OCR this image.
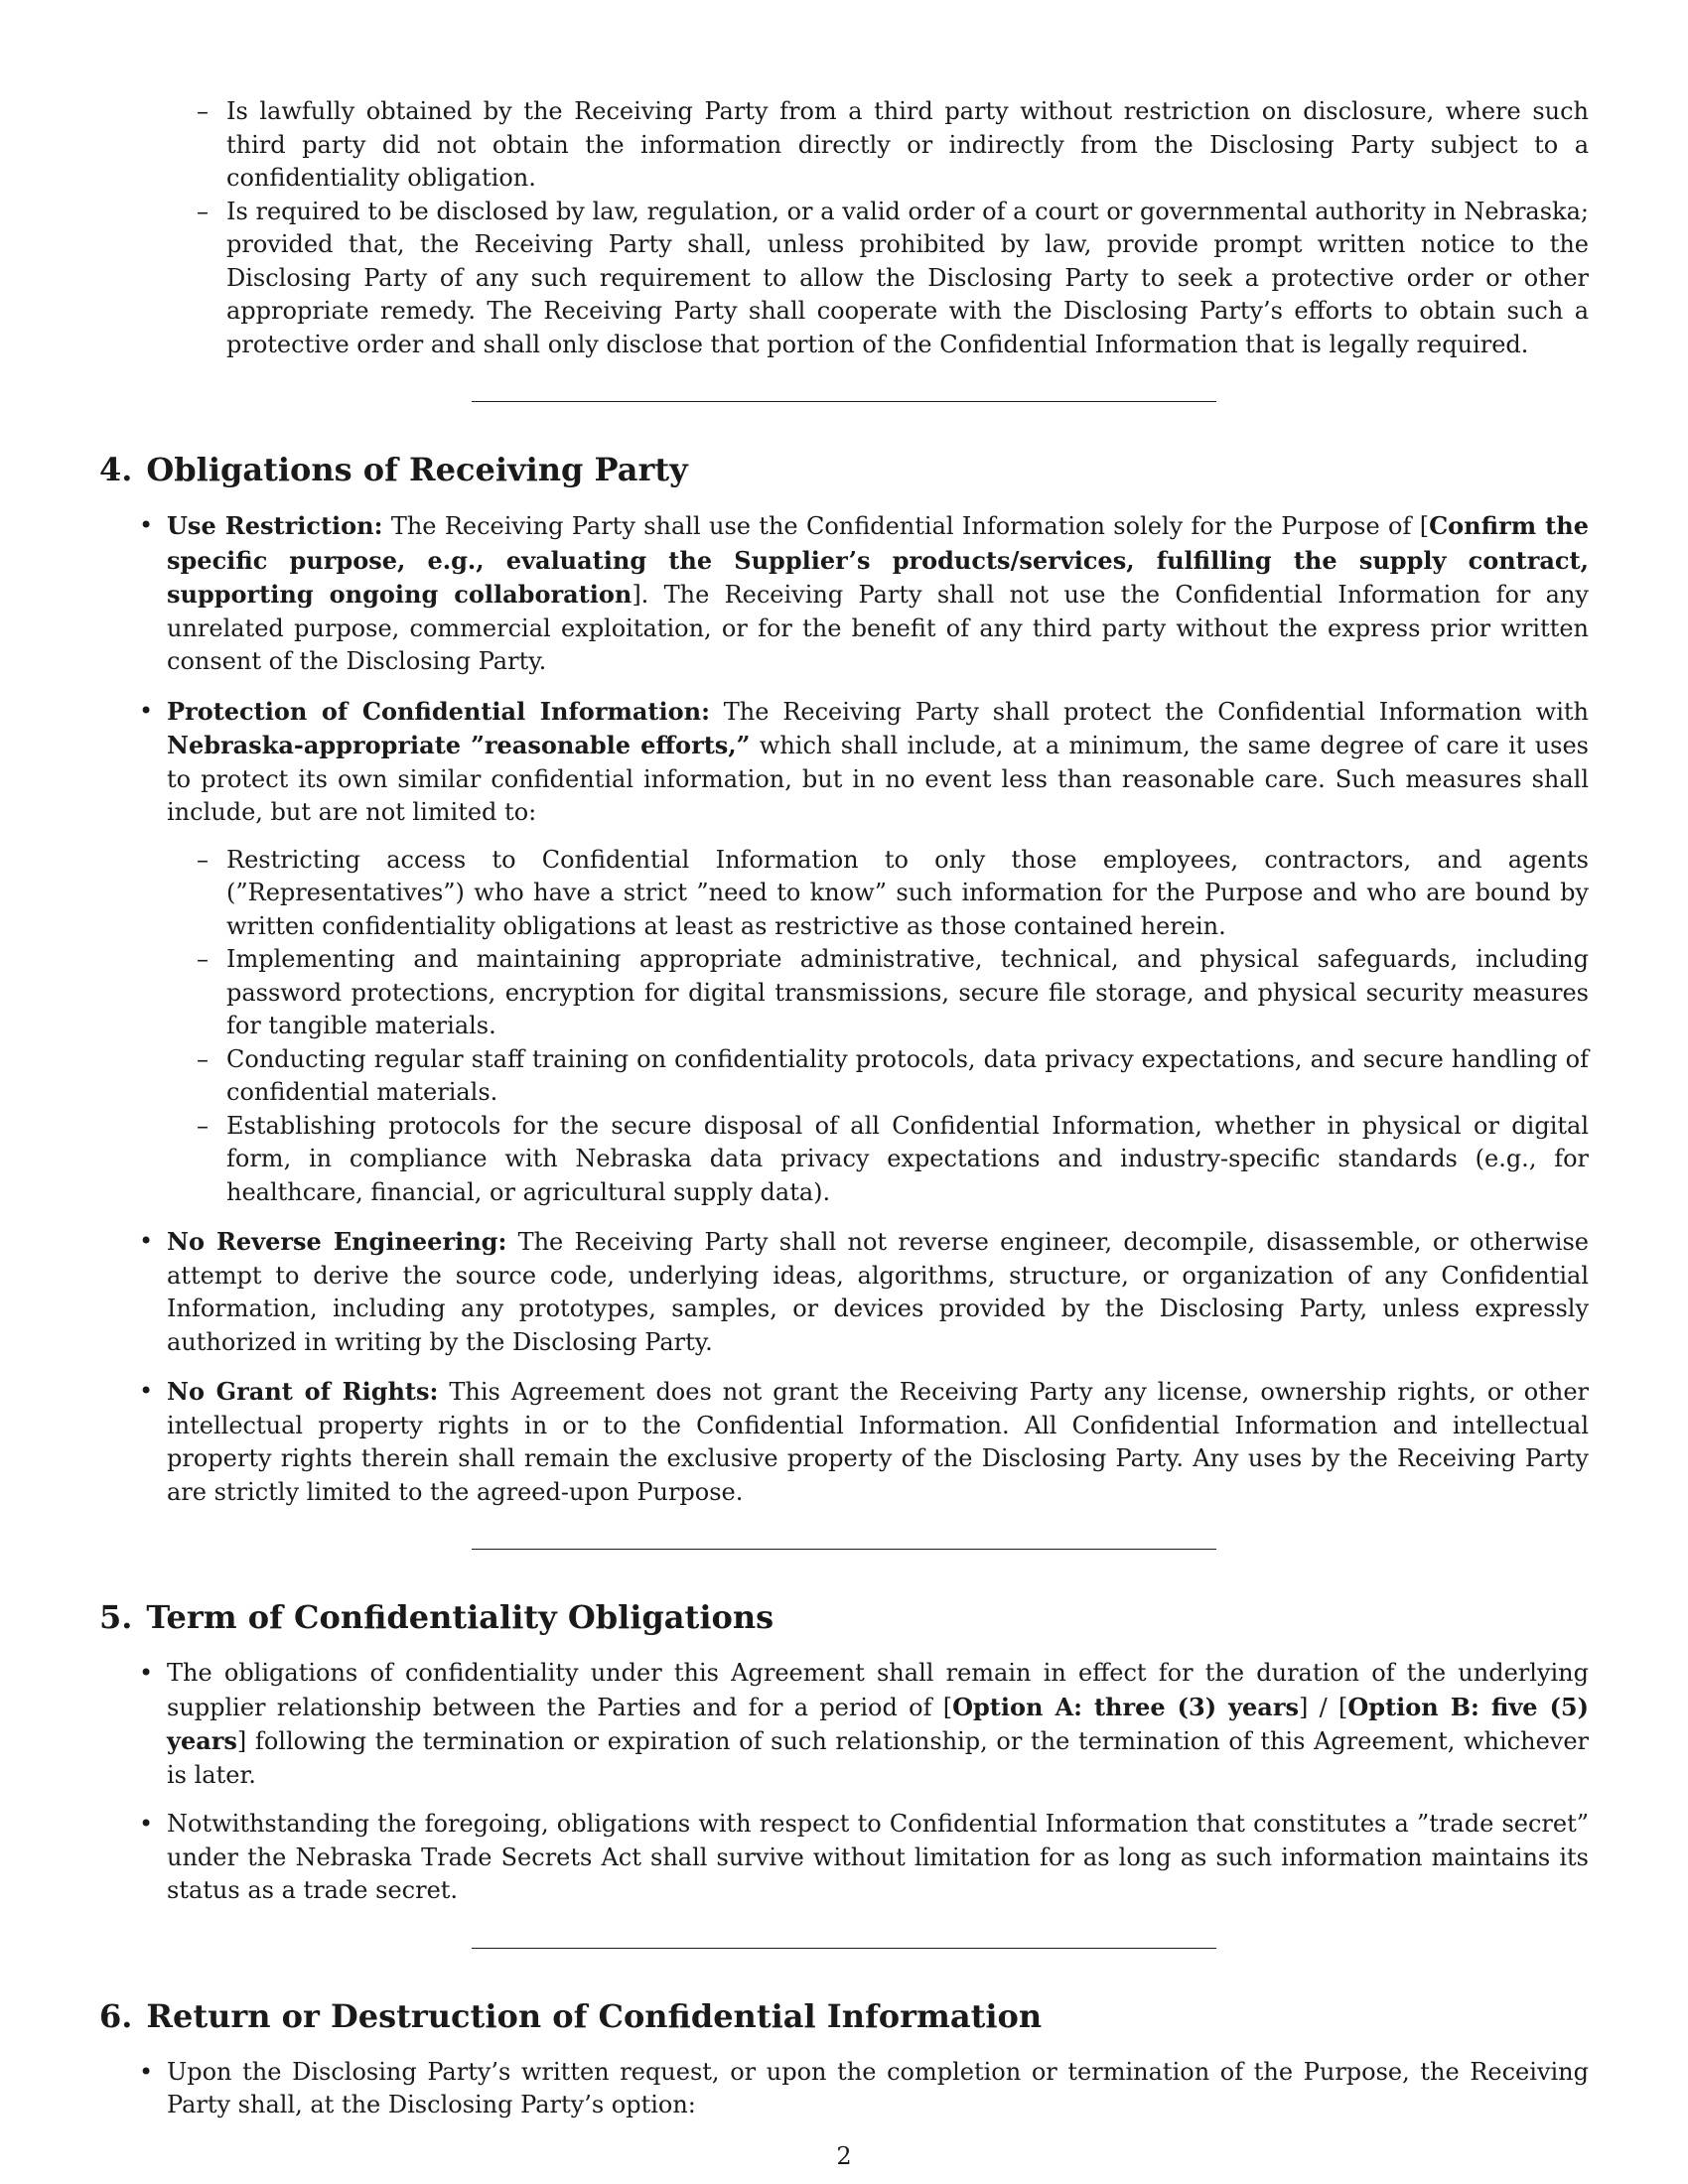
– Is lawfully obtained by the Receiving Party from a third party without restriction on disclosure, where such third party did not obtain the information directly or indirectly from the Disclosing Party subject to a confidentiality obligation.
– Is required to be disclosed by law, regulation, or a valid order of a court or governmental authority in Nebraska; provided that, the Receiving Party shall, unless prohibited by law, provide prompt written notice to the Disclosing Party of any such requirement to allow the Disclosing Party to seek a protective order or other appropriate remedy. The Receiving Party shall cooperate with the Disclosing Party’s efforts to obtain such a protective order and shall only disclose that portion of the Confidential Information that is legally required.
4. Obligations of Receiving Party
• Use Restriction: The Receiving Party shall use the Confidential Information solely for the Purpose of [Confirm the specific purpose, e.g., evaluating the Supplier’s products/services, fulfilling the supply contract, supporting ongoing collaboration]. The Receiving Party shall not use the Confidential Information for any unrelated purpose, commercial exploitation, or for the benefit of any third party without the express prior written consent of the Disclosing Party.
• Protection of Confidential Information: The Receiving Party shall protect the Confidential Information with Nebraska-appropriate ”reasonable efforts,” which shall include, at a minimum, the same degree of care it uses to protect its own similar confidential information, but in no event less than reasonable care. Such measures shall include, but are not limited to:
– Restricting access to Confidential Information to only those employees, contractors, and agents (”Representatives”) who have a strict ”need to know” such information for the Purpose and who are bound by written confidentiality obligations at least as restrictive as those contained herein.
– Implementing and maintaining appropriate administrative, technical, and physical safeguards, including password protections, encryption for digital transmissions, secure file storage, and physical security measures for tangible materials.
– Conducting regular staff training on confidentiality protocols, data privacy expectations, and secure handling of confidential materials.
– Establishing protocols for the secure disposal of all Confidential Information, whether in physical or digital form, in compliance with Nebraska data privacy expectations and industry-specific standards (e.g., for healthcare, financial, or agricultural supply data).
• No Reverse Engineering: The Receiving Party shall not reverse engineer, decompile, disassemble, or otherwise attempt to derive the source code, underlying ideas, algorithms, structure, or organization of any Confidential Information, including any prototypes, samples, or devices provided by the Disclosing Party, unless expressly authorized in writing by the Disclosing Party.
• No Grant of Rights: This Agreement does not grant the Receiving Party any license, ownership rights, or other intellectual property rights in or to the Confidential Information. All Confidential Information and intellectual property rights therein shall remain the exclusive property of the Disclosing Party. Any uses by the Receiving Party are strictly limited to the agreed-upon Purpose.
5. Term of Confidentiality Obligations
• The obligations of confidentiality under this Agreement shall remain in effect for the duration of the underlying supplier relationship between the Parties and for a period of [Option A: three (3) years] / [Option B: five (5) years] following the termination or expiration of such relationship, or the termination of this Agreement, whichever is later.
• Notwithstanding the foregoing, obligations with respect to Confidential Information that constitutes a ”trade secret” under the Nebraska Trade Secrets Act shall survive without limitation for as long as such information maintains its status as a trade secret.
6. Return or Destruction of Confidential Information
• Upon the Disclosing Party’s written request, or upon the completion or termination of the Purpose, the Receiving Party shall, at the Disclosing Party’s option:
2
